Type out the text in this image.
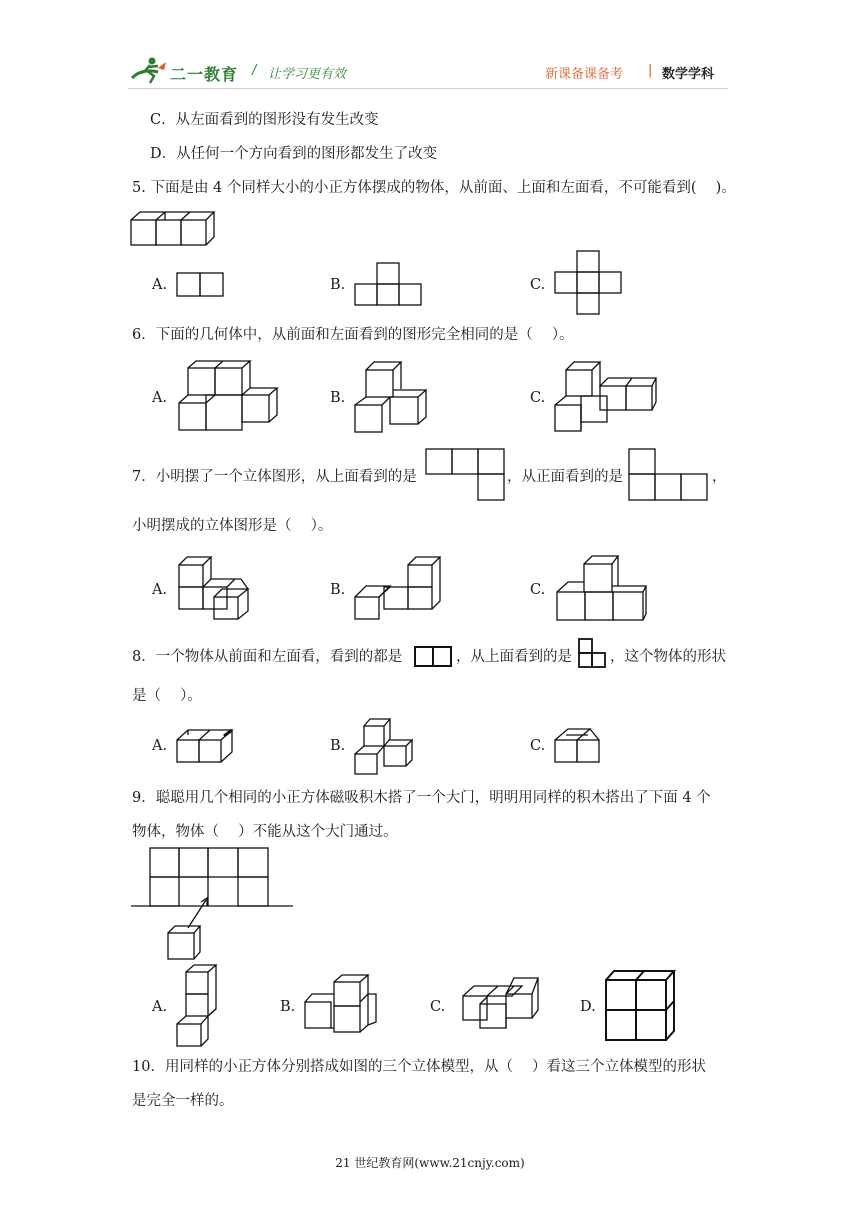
二一教育 / 让学习更有效	新课备课备考 | 数学学科
C．从左面看到的图形没有发生改变
D．从任何一个方向看到的图形都发生了改变
5. 下面是由 4 个同样大小的小正方体摆成的物体，从前面、上面和左面看，不可能看到(　 )。
A.	B.	C.
6．下面的几何体中，从前面和左面看到的图形完全相同的是（　 ）。
A.	B.	C.
7．小明摆了一个立体图形，从上面看到的是	，从正面看到的是	，
小明摆成的立体图形是（　 ）。
A.	B.	C.
8．一个物体从前面和左面看，看到的都是	，从上面看到的是	，这个物体的形状
是（　 ）。
A.	B.	C.
9．聪聪用几个相同的小正方体磁吸积木搭了一个大门，明明用同样的积木搭出了下面 4 个
物体，物体（　 ）不能从这个大门通过。
A.	B.	C.	D.
10．用同样的小正方体分别搭成如图的三个立体模型，从（　 ）看这三个立体模型的形状
是完全一样的。
21 世纪教育网(www.21cnjy.com)
